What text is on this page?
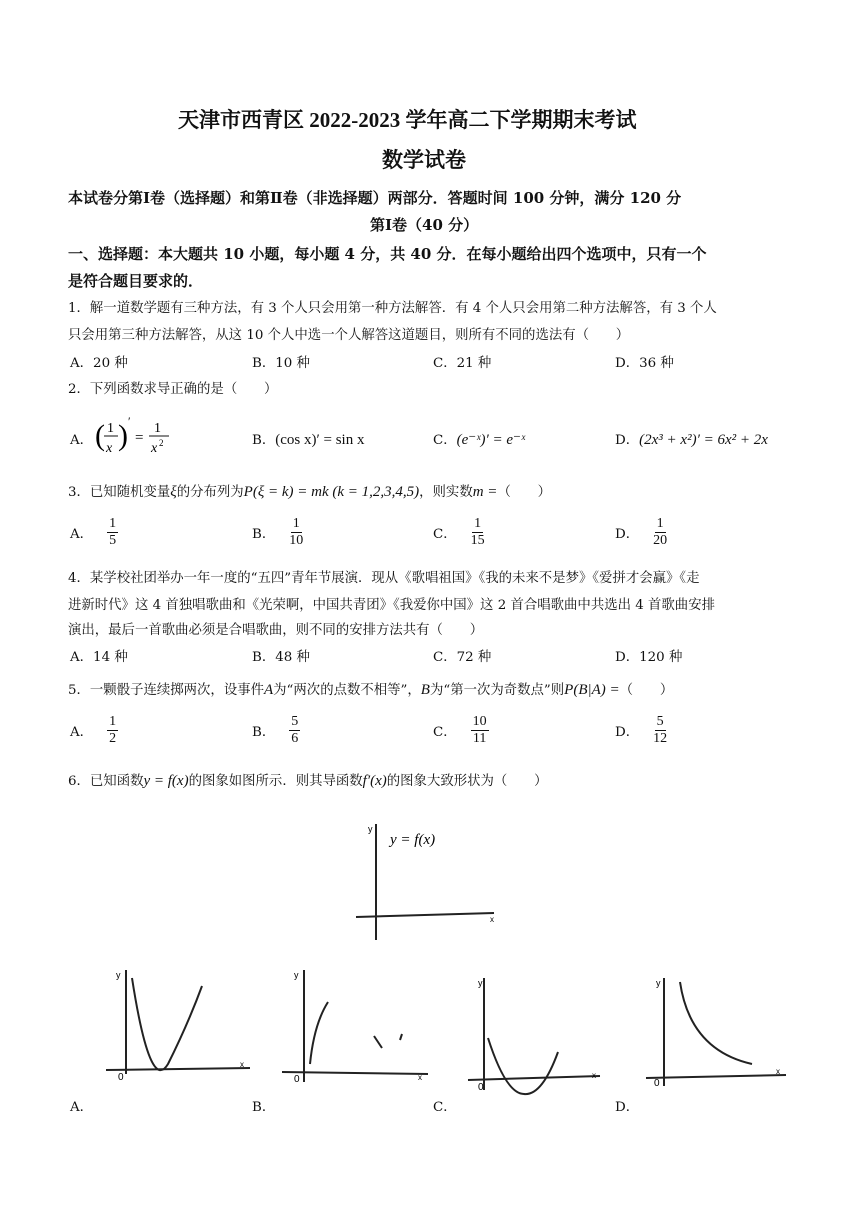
天津市西青区 2022-2023 学年高二下学期期末考试
数学试卷
本试卷分第Ⅰ卷（选择题）和第Ⅱ卷（非选择题）两部分．答题时间 100 分钟，满分 120 分
第Ⅰ卷（40 分）
一、选择题：本大题共 10 小题，每小题 4 分，共 40 分．在每小题给出四个选项中，只有一个
是符合题目要求的．
1．解一道数学题有三种方法，有 3 个人只会用第一种方法解答．有 4 个人只会用第二种方法解答，有 3 个人
只会用第三种方法解答，从这 10 个人中选一个人解答这道题目，则所有不同的选法有（　　）
A．20 种	B．10 种	C．21 种	D．36 种
2．下列函数求导正确的是（　　）
A． ( 1
x ) ′
=
1
x 2	B．(cos x)′ = sin x	C．(e⁻ˣ)′ = e⁻ˣ	D．(2x³ + x²)′ = 6x² + 2x
3．已知随机变量ξ的分布列为P(ξ = k) = mk (k = 1,2,3,4,5)，则实数m =（　　）
A． $\frac{1}{5}$	B． $\frac{1}{10}$	C． $\frac{1}{15}$	D． $\frac{1}{20}$
4．某学校社团举办一年一度的“五四”青年节展演．现从《歌唱祖国》《我的未来不是梦》《爱拼才会赢》《走
进新时代》这 4 首独唱歌曲和《光荣啊，中国共青团》《我爱你中国》这 2 首合唱歌曲中共选出 4 首歌曲安排
演出，最后一首歌曲必须是合唱歌曲，则不同的安排方法共有（　　）
A．14 种	B．48 种	C．72 种	D．120 种
5．一颗骰子连续掷两次，设事件A为“两次的点数不相等”，B为“第一次为奇数点”则P(B|A) =（　　）
A． $\frac{1}{2}$	B． $\frac{5}{6}$	C． $\frac{10}{11}$	D． $\frac{5}{12}$
6．已知函数y = f(x)的图象如图所示．则其导函数f′(x)的图象大致形状为（　　）
y
y = f(x)
x
y
0
x
y
0	x
y
0
x
y
0
x
A．	B．	C．	D．
